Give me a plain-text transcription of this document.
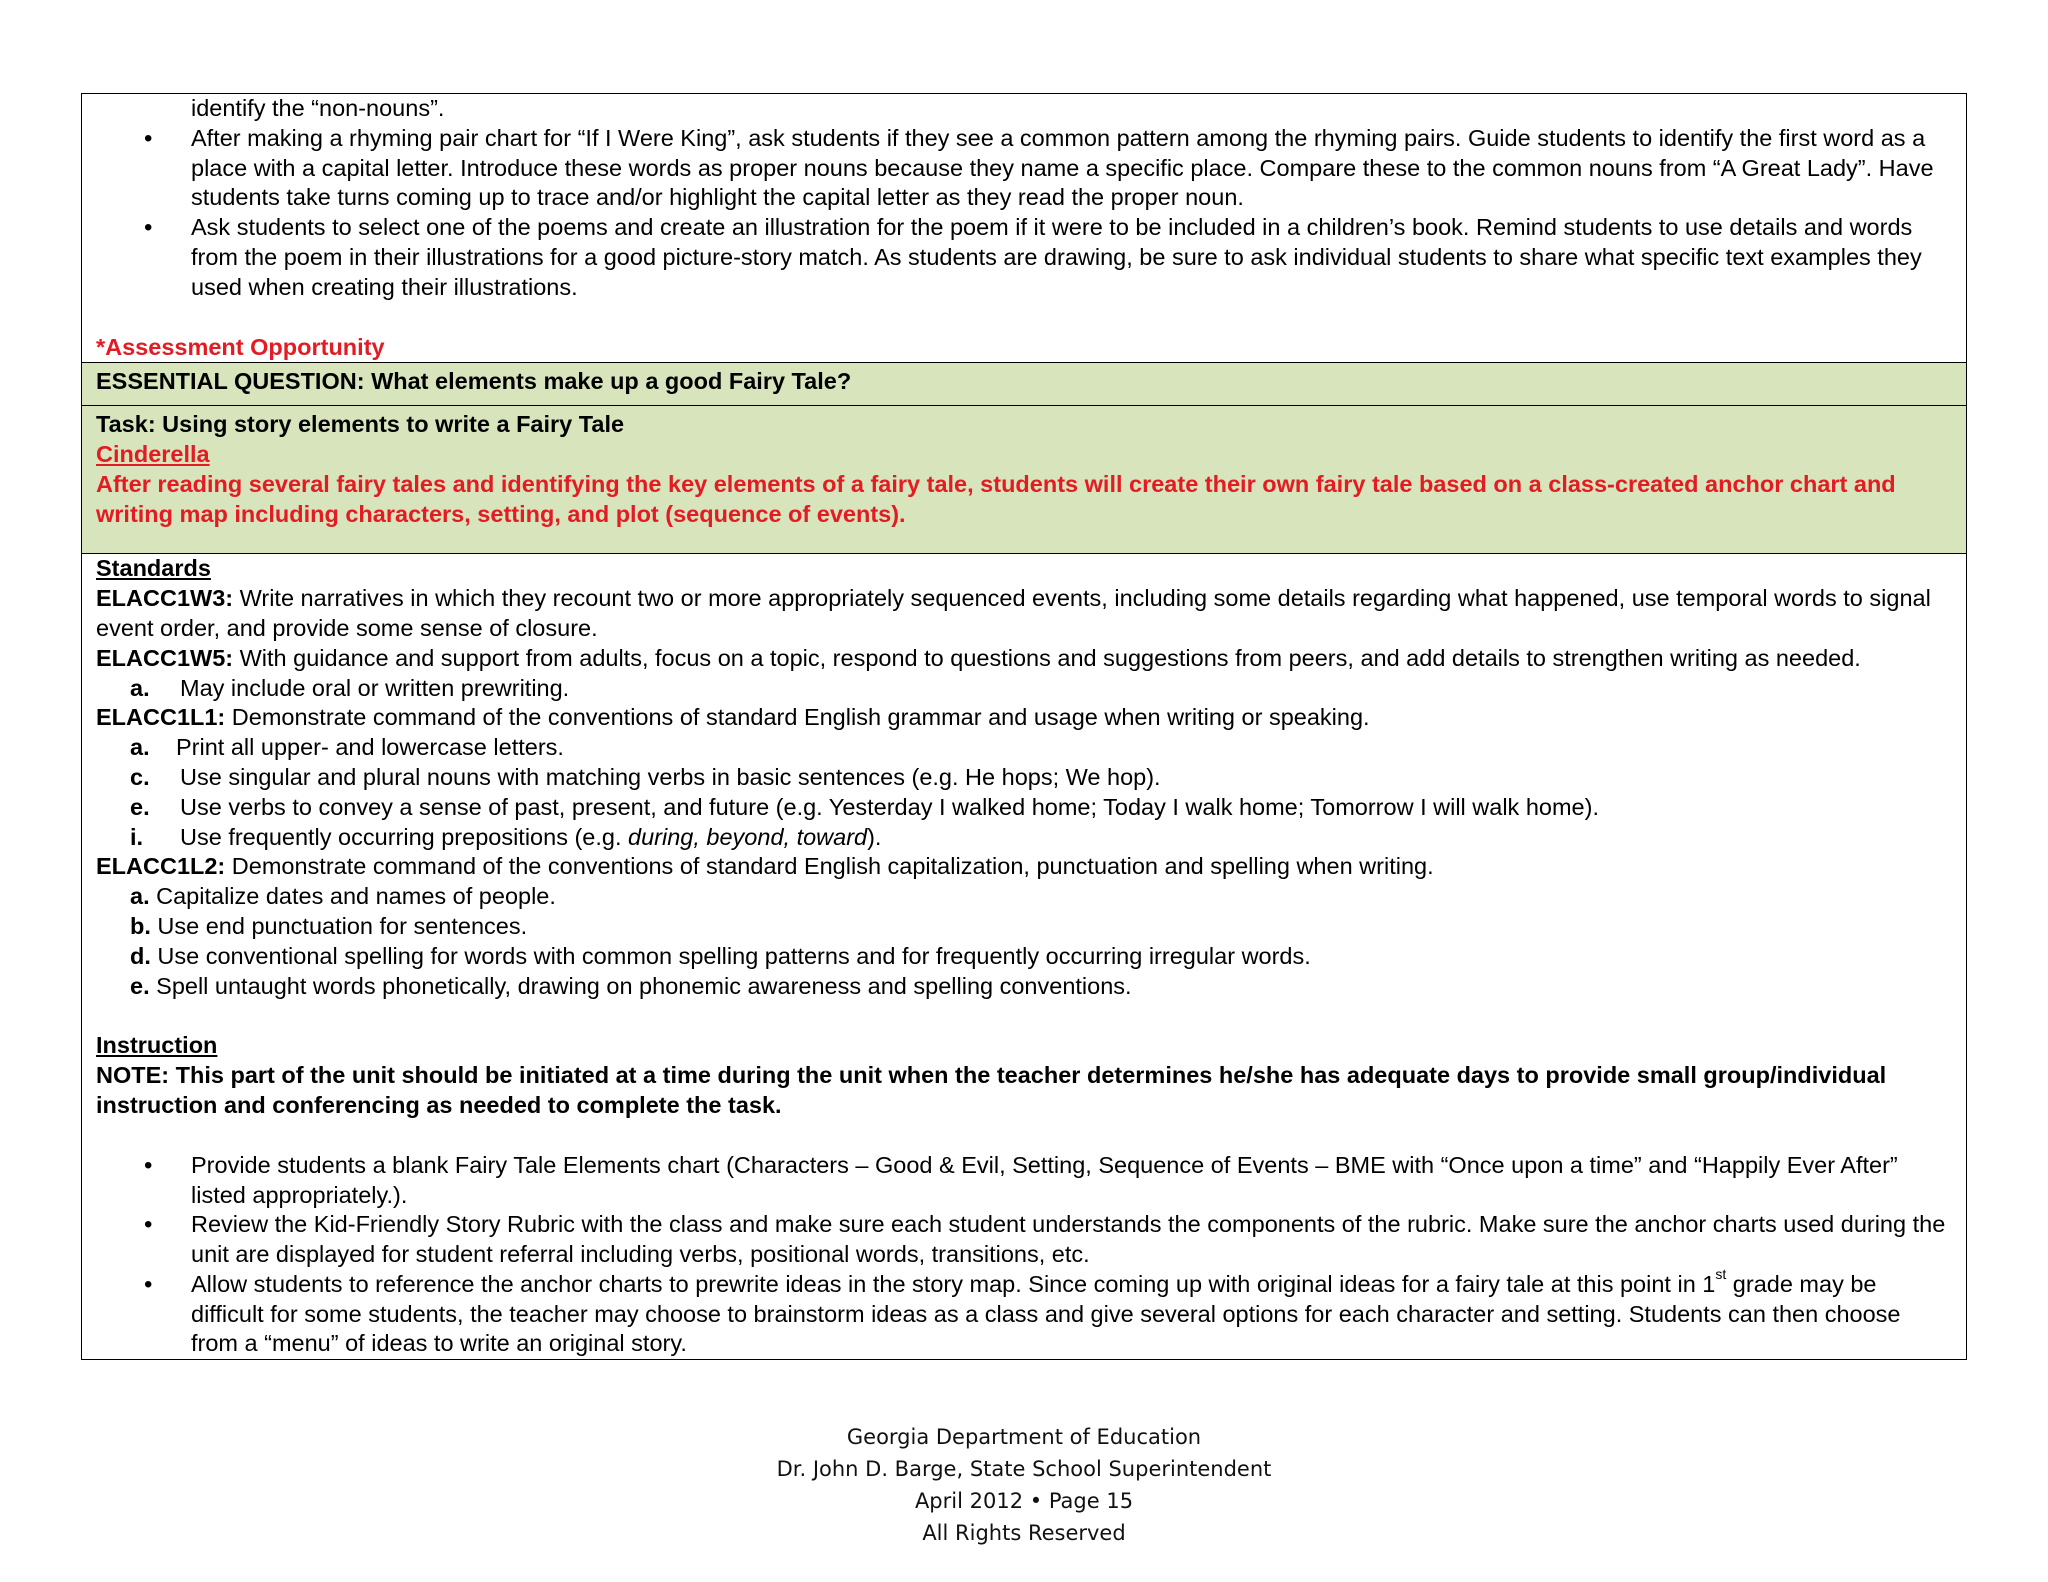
identify the “non-nouns”.
• After making a rhyming pair chart for “If I Were King”, ask students if they see a common pattern among the rhyming pairs. Guide students to identify the first word as a place with a capital letter. Introduce these words as proper nouns because they name a specific place. Compare these to the common nouns from “A Great Lady”. Have students take turns coming up to trace and/or highlight the capital letter as they read the proper noun.
• Ask students to select one of the poems and create an illustration for the poem if it were to be included in a children’s book. Remind students to use details and words from the poem in their illustrations for a good picture-story match. As students are drawing, be sure to ask individual students to share what specific text examples they used when creating their illustrations.
*Assessment Opportunity
ESSENTIAL QUESTION: What elements make up a good Fairy Tale?
Task: Using story elements to write a Fairy Tale
Cinderella
After reading several fairy tales and identifying the key elements of a fairy tale, students will create their own fairy tale based on a class-created anchor chart and writing map including characters, setting, and plot (sequence of events).
Standards
ELACC1W3: Write narratives in which they recount two or more appropriately sequenced events, including some details regarding what happened, use temporal words to signal event order, and provide some sense of closure.
ELACC1W5: With guidance and support from adults, focus on a topic, respond to questions and suggestions from peers, and add details to strengthen writing as needed.
a.	May include oral or written prewriting.
ELACC1L1: Demonstrate command of the conventions of standard English grammar and usage when writing or speaking.
a.	Print all upper- and lowercase letters.
c.	Use singular and plural nouns with matching verbs in basic sentences (e.g. He hops; We hop).
e.	Use verbs to convey a sense of past, present, and future (e.g. Yesterday I walked home; Today I walk home; Tomorrow I will walk home).
i.	Use frequently occurring prepositions (e.g. during, beyond, toward).
ELACC1L2: Demonstrate command of the conventions of standard English capitalization, punctuation and spelling when writing.
a. Capitalize dates and names of people.
b. Use end punctuation for sentences.
d. Use conventional spelling for words with common spelling patterns and for frequently occurring irregular words.
e. Spell untaught words phonetically, drawing on phonemic awareness and spelling conventions.
Instruction
NOTE: This part of the unit should be initiated at a time during the unit when the teacher determines he/she has adequate days to provide small group/individual instruction and conferencing as needed to complete the task.
• Provide students a blank Fairy Tale Elements chart (Characters – Good & Evil, Setting, Sequence of Events – BME with “Once upon a time” and “Happily Ever After” listed appropriately.).
• Review the Kid-Friendly Story Rubric with the class and make sure each student understands the components of the rubric. Make sure the anchor charts used during the unit are displayed for student referral including verbs, positional words, transitions, etc.
• Allow students to reference the anchor charts to prewrite ideas in the story map. Since coming up with original ideas for a fairy tale at this point in 1st grade may be difficult for some students, the teacher may choose to brainstorm ideas as a class and give several options for each character and setting. Students can then choose from a “menu” of ideas to write an original story.
Georgia Department of Education
Dr. John D. Barge, State School Superintendent
April 2012 • Page 15
All Rights Reserved
